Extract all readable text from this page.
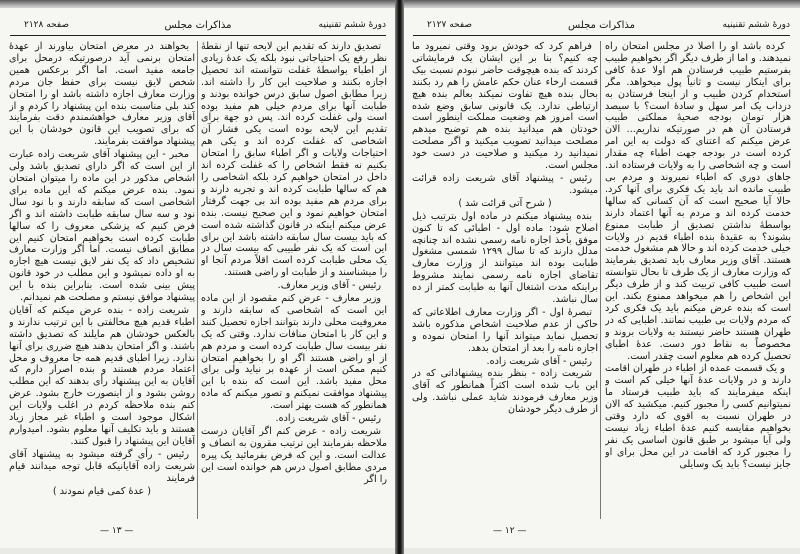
دورهٔ ششم تقنینیه
مذاکرات مجلس
صفحه ۲۱۲۸

تصدیق دارند که تقدیم این لایحه تنها از نقطهٔ نظر رفع یک احتیاجاتی نبود بلکه یک عدهٔ زیادی از اطباء بواسطهٔ غفلت نتوانسته اند تحصیل اجازه بکنند و صلاحیت این کار را داشته اند. زیرا مطابق اصول سابق درس خوانده بودند و طبابت آنها برای مردم خیلی هم مفید بوده است ولی غفلت کرده اند. پس دو جهة برای تقدیم این لایحه بوده است یکی فشار آن اشخاصی که غفلت کرده اند و یکی هم احتیاجات ولایات و اگر اطباء سابق را امتحان بکنیم نه فقط اشخاص را که غفلت کرده اند داخل در امتحان خواهیم کرد بلکه اشخاصی را هم که سالها طبابت کرده اند و تجربه دارند و برای مردم هم مفید بوده اند بی جهت گرفتار امتحان خواهیم نمود و این صحیح نیست. بنده عرض میکنم اینکه در قانون گذاشته شده است که باید بیست سال سابقه داشته باشد این برای این است که یک نفر طبیبی که بیست سال در یک محلی طبابت کرده است اقلاً مردم آنجا او را میشناسند و از طبابت او راضی هستند.

رئیس - آقای وزیر معارف.

وزیر معارف - عرض کنم مقصود از این ماده این است که اشخاصی که سابقه دارند و معروفیت محلی دارند بتوانند اجازه تحصیل کنند و این کار با امتحان منافات ندارد. وقتی که یک نفر بیست سال طبابت کرده است و مردم هم از او راضی هستند اگر او را بخواهیم امتحان کنیم ممکن است از عهده بر نیاید ولی برای محل مفید باشد. این است که بنده با این پیشنهاد موافقت نمیکنم و تصور میکنم که ماده همانطور که هست بهتر است.

رئیس - آقای شریعت زاده.

شریعت زاده - عرض کنم اگر آقایان درست ملاحظه بفرمایند این ترتیب مقرون به انصاف و عدالت است. و این که فرض بفرمائید یک پیره مردی مطابق اصول درس هم خوانده است این را اگر

بخواهند در معرض امتحان بیاورند از عهدهٔ امتحان برنمی آید درصورتیکه درمحل برای جامعه مفید است. اما اگر برعکس همین شخص لایق نیست برای حفظ جان مردم وزارت معارف اجازه داشته باشد او را امتحان کند بلی مناسبت بنده این پیشنهاد را کردم و از آقای وزیر معارف خواهشمندم دقت بفرمایند که برای تصویب این قانون خودشان با این پیشنهاد موافقت بفرمایند.

مخبر - این پیشنهاد آقای شریعت زاده عبارت از این است که اگر دارای تصدیق باشد ولی اشخاص مذکور در این ماده را میتوان امتحان نمود. بنده عرض میکنم که این ماده برای اشخاصی است که سابقه دارند و با نود سال نود و سه سال سابقه طبابت داشته اند و اگر فرض کنیم که پزشکی معروف را که سالها طبابت کرده است بخواهیم امتحان کنیم این مطابق انصاف نیست. اما اگر وزارت معارف تشخیص داد که یک نفر لایق نیست هیچ اجازه به او داده نمیشود و این مطلب در خود قانون پیش بینی شده است. بنابراین بنده با این پیشنهاد موافق نیستم و مصلحت هم نمیدانم.

شریعت زاده - بنده عرض میکنم که آقایان اطباء قدیم هیچ مخالفتی با این ترتیب ندارند و بالعکس خودشان هم مایلند که تصدیق داشته باشند. و اگر امتحان بدهند هیچ ضرری برای آنها ندارد. زیرا اطبای قدیم همه جا معروف و محل اعتماد مردم هستند و بنده اصرار دارم که آقایان به این پیشنهاد رأی بدهند که این مطلب روشن بشود و از اینصورت خارج بشود. عرض کنم بنده ملاحظه کردم در اغلب ولایات این اشکال موجود است و اطباء غیر مجاز زیاد هستند و باید تکلیف آنها معلوم بشود. امیدوارم آقایان این پیشنهاد را قبول کنند.

رئیس - رأی گرفته میشود به پیشنهاد آقای شریعت زاده آقایانیکه قابل توجه میدانند قیام فرمایند

( عدهٔ کمی قیام نمودند )

— ۱۳ —
دورهٔ ششم تقنینیه
مذاکرات مجلس
صفحه ۲۱۲۷

کرده باشد او را اصلا در مجلس امتحان راه نمیدهند. و اما از طرف دیگر اگر بخواهیم طبیب بفرستیم طبیب فرستادن هم اولا عدهٔ کافی برای اینکار نیست و ثانیاً پول میخواهد. مگر استخدام کردن طبیب و از اینجا فرستادن به دزداب یک امر سهل و سادهٔ است؟ با سیصد هزار تومان بودجه صحیهٔ مملکتی طبیب فرستادن آن هم در صورتیکه نداریم... الان عرض میکنم که اعتنای که دولت به این امر کرده است در بودجه جهت اطباء چه مقدار است و چه اشخاصی را به ولایات فرستاده اند. جاهای دوری که اطباء نمیروند و مردم بی طبیب مانده اند باید یک فکری برای آنها کرد. حالا آیا صحیح است که آن کسانی که سالها خدمت کرده اند و مردم به آنها اعتماد دارند بواسطهٔ نداشتن تصدیق از طبابت ممنوع بشوند؟ به عقیدهٔ بنده اطباء قدیم در ولایات خیلی خدمت کرده اند و حالا هم مشغول خدمت هستند. آقای وزیر معارف باید تصدیق بفرمایند که وزارت معارف از یک طرف تا بحال نتوانسته است طبیب کافی تربیت کند و از طرف دیگر این اشخاص را هم میخواهد ممنوع بکند. این است که بنده عرض میکنم باید یک فکری کرد که مردم ولایات بی طبیب نمانند. اطبایی که در طهران هستند حاضر نیستند به ولایات بروند و مخصوصاً به نقاط دور دست. عدهٔ اطبای تحصیل کرده هم معلوم است چقدر است.

و یک قسمت عمده از اطباء در طهران اقامت دارند و در ولایات عدهٔ آنها خیلی کم است و اینکه میفرمایند که باید طبیب فرستاد ما نمیتوانیم کسی را مجبور کنیم. میکشید که الان در طهران نسبت به اقوی که دارد وقتی بخواهیم مقایسه کنیم عدهٔ اطباء زیاد نیست ولی آیا میشود بر طبق قانون اساسی یک نفر را مجبور کرد که اقامت در این محل برای او جایز نیست؟ باید یک وسایلی

فراهم کرد که خودش برود وقتی نمیرود ما چه کنیم؟ بنا بر این ایشان یک فرمایشاتی کردند که بنده هیچوقت حاضر نبودم نسبت بیک قسمت ارخاء عنان حکم عامش را هم رد بکنند بحال بنده هیچ تفاوت نمیکند بعالم بنده هیچ ارتباطی ندارد. یک قانونی سابق وضع شده است امروز هم وضعیت مملکت اینطور است خودتان هم میدانید بنده هم توضیح میدهم مصلحت میدانید تصویب میکنید و اگر مصلحت نمیدانید رد میکنید و صلاحیت در دست خود مجلس است.

رئیس - پیشنهاد آقای شریعت زاده قرائت میشود.

( شرح آتی قرائت شد )

بنده پیشنهاد میکنم در ماده اول بترتیب ذیل اصلاح شود: ماده اول - اطبائی که تا کنون موفق بأخذ اجازه نامه رسمی نشده اند چنانچه مدلل دارند که تا سال ۱۲۹۹ شمسی مشغول طبابت بوده اند میتوانند از وزارت معارف تقاضای اجازه نامه رسمی نمایند مشروط براینکه مدت اشتغال آنها به طبابت کمتر از ده سال نباشد.

تبصرهٔ اول - اگر وزارت معارف اطلاعاتی که حاکی از عدم صلاحیت اشخاص مذکوره باشد تحصیل نماید میتواند آنها را امتحان نموده و اجازه نامه را بعد از امتحان بدهد.

رئیس - آقای شریعت زاده.

شریعت زاده - بنظر بنده پیشنهاداتی که در این باب شده است اکثراً همانطور که آقای وزیر معارف فرمودند شاید عملی نباشد. ولی از طرف دیگر خودشان

— ۱۲ —
